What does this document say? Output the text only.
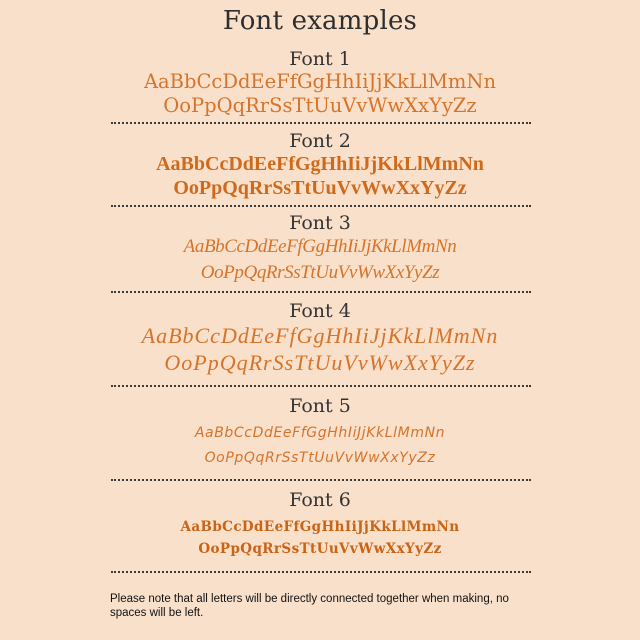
Font examples
Font 1
AaBbCcDdEeFfGgHhIiJjKkLlMmNn
OoPpQqRrSsTtUuVvWwXxYyZz
Font 2
AaBbCcDdEeFfGgHhIiJjKkLlMmNn
OoPpQqRrSsTtUuVvWwXxYyZz
Font 3
AaBbCcDdEeFfGgHhIiJjKkLlMmNn
OoPpQqRrSsTtUuVvWwXxYyZz
Font 4
AaBbCcDdEeFfGgHhIiJjKkLlMmNn
OoPpQqRrSsTtUuVvWwXxYyZz
Font 5
AaBbCcDdEeFfGgHhIiJjKkLlMmNn
OoPpQqRrSsTtUuVvWwXxYyZz
Font 6
AaBbCcDdEeFfGgHhIiJjKkLlMmNn
OoPpQqRrSsTtUuVvWwXxYyZz
Please note that all letters will be directly connected together when making, no spaces will be left.
